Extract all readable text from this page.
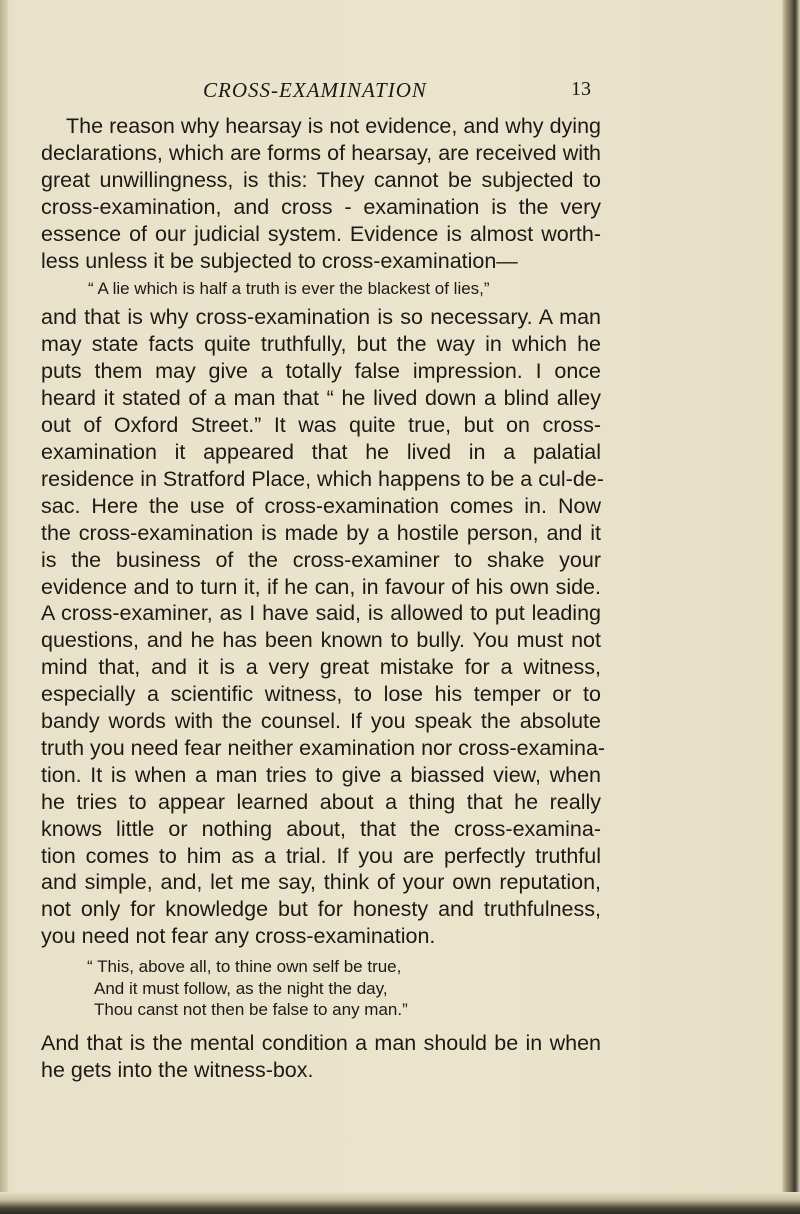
CROSS-EXAMINATION	13
The reason why hearsay is not evidence, and why dying
declarations, which are forms of hearsay, are received with
great unwillingness, is this: They cannot be subjected to
cross-examination, and cross - examination is the very
essence of our judicial system. Evidence is almost worth-
less unless it be subjected to cross-examination—
“ A lie which is half a truth is ever the blackest of lies,”
and that is why cross-examination is so necessary. A man
may state facts quite truthfully, but the way in which he
puts them may give a totally false impression. I once
heard it stated of a man that “ he lived down a blind alley
out of Oxford Street.” It was quite true, but on cross-
examination it appeared that he lived in a palatial
residence in Stratford Place, which happens to be a cul-de-
sac. Here the use of cross-examination comes in. Now
the cross-examination is made by a hostile person, and it
is the business of the cross-examiner to shake your
evidence and to turn it, if he can, in favour of his own side.
A cross-examiner, as I have said, is allowed to put leading
questions, and he has been known to bully. You must not
mind that, and it is a very great mistake for a witness,
especially a scientific witness, to lose his temper or to
bandy words with the counsel. If you speak the absolute
truth you need fear neither examination nor cross-examina-
tion. It is when a man tries to give a biassed view, when
he tries to appear learned about a thing that he really
knows little or nothing about, that the cross-examina-
tion comes to him as a trial. If you are perfectly truthful
and simple, and, let me say, think of your own reputation,
not only for knowledge but for honesty and truthfulness,
you need not fear any cross-examination.
“ This, above all, to thine own self be true,
And it must follow, as the night the day,
Thou canst not then be false to any man.”
And that is the mental condition a man should be in when
he gets into the witness-box.
